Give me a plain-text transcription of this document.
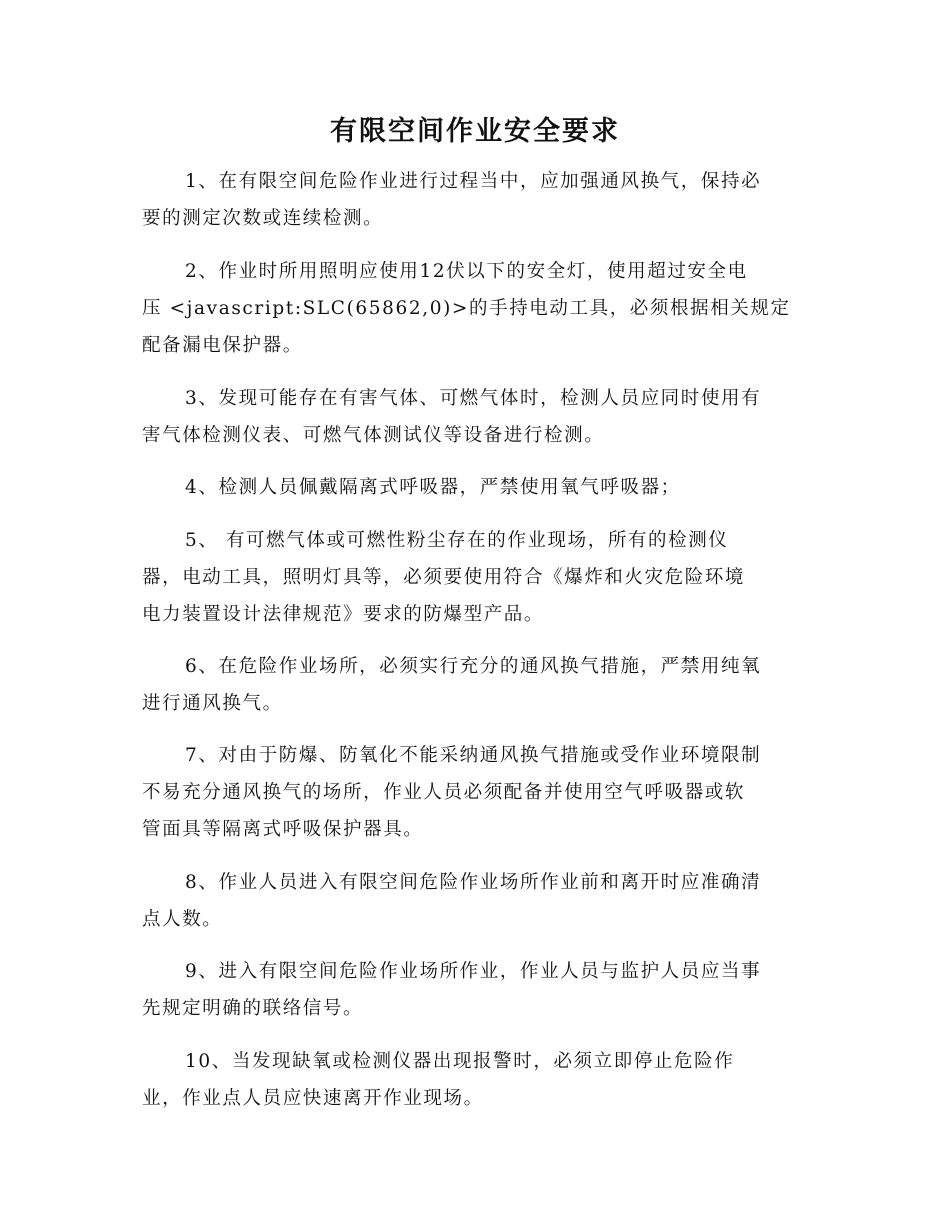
有限空间作业安全要求

1、在有限空间危险作业进行过程当中，应加强通风换气，保持必
要的测定次数或连续检测。

2、作业时所用照明应使用12伏以下的安全灯，使用超过安全电
压 <javascript:SLC(65862,0)>的手持电动工具，必须根据相关规定
配备漏电保护器。

3、发现可能存在有害气体、可燃气体时，检测人员应同时使用有
害气体检测仪表、可燃气体测试仪等设备进行检测。

4、检测人员佩戴隔离式呼吸器，严禁使用氧气呼吸器；

5、 有可燃气体或可燃性粉尘存在的作业现场，所有的检测仪
器，电动工具，照明灯具等，必须要使用符合《爆炸和火灾危险环境
电力装置设计法律规范》要求的防爆型产品。

6、在危险作业场所，必须实行充分的通风换气措施，严禁用纯氧
进行通风换气。

7、对由于防爆、防氧化不能采纳通风换气措施或受作业环境限制
不易充分通风换气的场所，作业人员必须配备并使用空气呼吸器或软
管面具等隔离式呼吸保护器具。

8、作业人员进入有限空间危险作业场所作业前和离开时应准确清
点人数。

9、进入有限空间危险作业场所作业，作业人员与监护人员应当事
先规定明确的联络信号。

10、当发现缺氧或检测仪器出现报警时，必须立即停止危险作
业，作业点人员应快速离开作业现场。
